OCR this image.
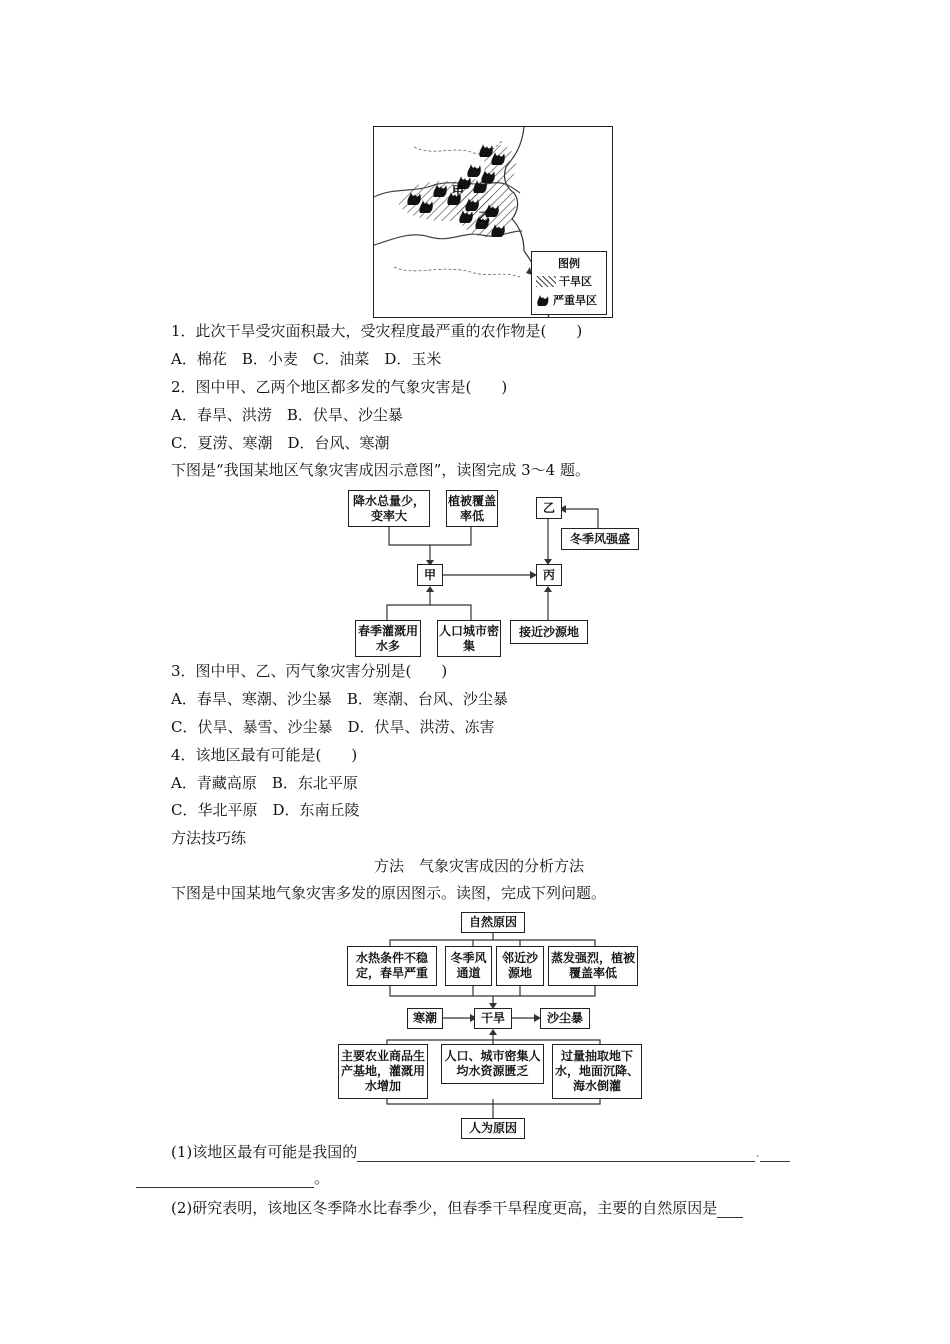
甲
乙
图例
干旱区
严重旱区
1．此次干旱受灾面积最大，受灾程度最严重的农作物是(　　)
A．棉花　B．小麦　C．油菜　D．玉米
2．图中甲、乙两个地区都多发的气象灾害是(　　)
A．春旱、洪涝　B．伏旱、沙尘暴
C．夏涝、寒潮　D．台风、寒潮
下图是“我国某地区气象灾害成因示意图”，读图完成 3～4 题。
降水总量少，变率大
植被覆盖率低
甲	丙
乙
冬季风强盛
春季灌溉用水多
人口城市密集
接近沙源地
3．图中甲、乙、丙气象灾害分别是(　　)
A．春旱、寒潮、沙尘暴　B．寒潮、台风、沙尘暴
C．伏旱、暴雪、沙尘暴　D．伏旱、洪涝、冻害
4．该地区最有可能是(　　)
A．青藏高原　B．东北平原
C．华北平原　D．东南丘陵
方法技巧练
方法　气象灾害成因的分析方法
下图是中国某地气象灾害多发的原因图示。读图，完成下列问题。
自然原因
水热条件不稳定，春旱严重
冬季风通道
邻近沙源地
蒸发强烈，植被覆盖率低
寒潮	干旱	沙尘暴
主要农业商品生产基地，灌溉用水增加
人口、城市密集人均水资源匮乏
过量抽取地下水，地面沉降、海水倒灌
人为原因
(1)该地区最有可能是我国的	.
。
(2)研究表明，该地区冬季降水比春季少，但春季干旱程度更高，主要的自然原因是
